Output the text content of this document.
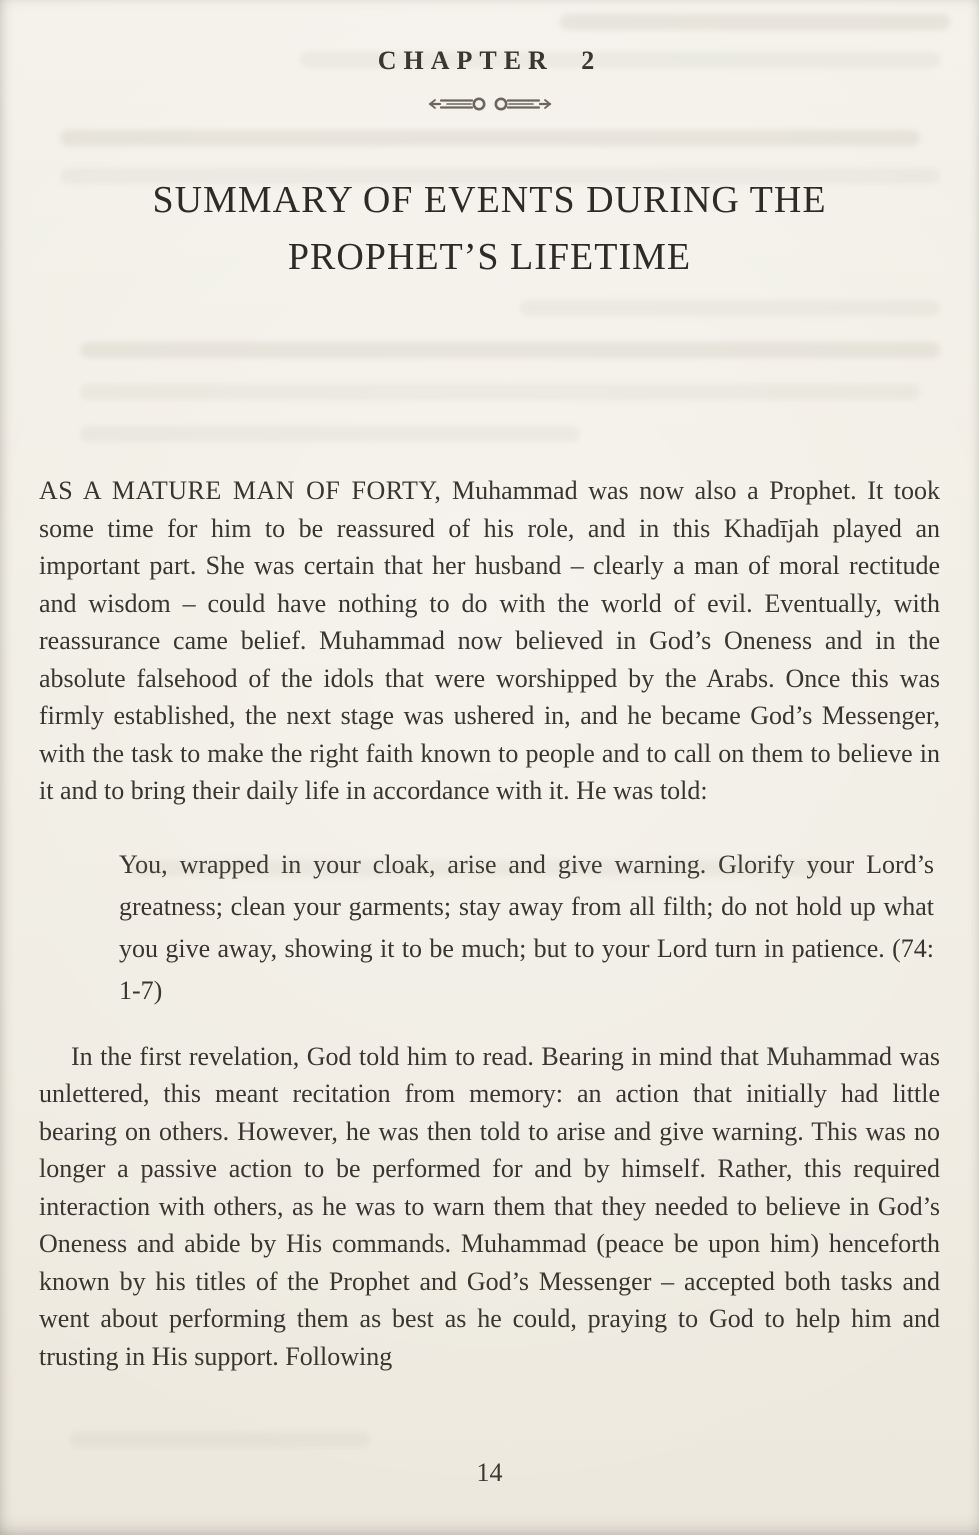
CHAPTER 2
SUMMARY OF EVENTS DURING THE
PROPHET’S LIFETIME

AS A MATURE MAN OF FORTY, Muhammad was now also a Prophet. It took some time for him to be reassured of his role, and in this Khadījah played an important part. She was certain that her husband – clearly a man of moral rectitude and wisdom – could have nothing to do with the world of evil. Eventually, with reassurance came belief. Muhammad now believed in God’s Oneness and in the absolute falsehood of the idols that were worshipped by the Arabs. Once this was firmly established, the next stage was ushered in, and he became God’s Messenger, with the task to make the right faith known to people and to call on them to believe in it and to bring their daily life in accordance with it. He was told:

You, wrapped in your cloak, arise and give warning. Glorify your Lord’s greatness; clean your garments; stay away from all filth; do not hold up what you give away, showing it to be much; but to your Lord turn in patience. (74: 1-7)

In the first revelation, God told him to read. Bearing in mind that Muhammad was unlettered, this meant recitation from memory: an action that initially had little bearing on others. However, he was then told to arise and give warning. This was no longer a passive action to be performed for and by himself. Rather, this required interaction with others, as he was to warn them that they needed to believe in God’s Oneness and abide by His commands. Muhammad (peace be upon him) henceforth known by his titles of the Prophet and God’s Messenger – accepted both tasks and went about performing them as best as he could, praying to God to help him and trusting in His support. Following

14
